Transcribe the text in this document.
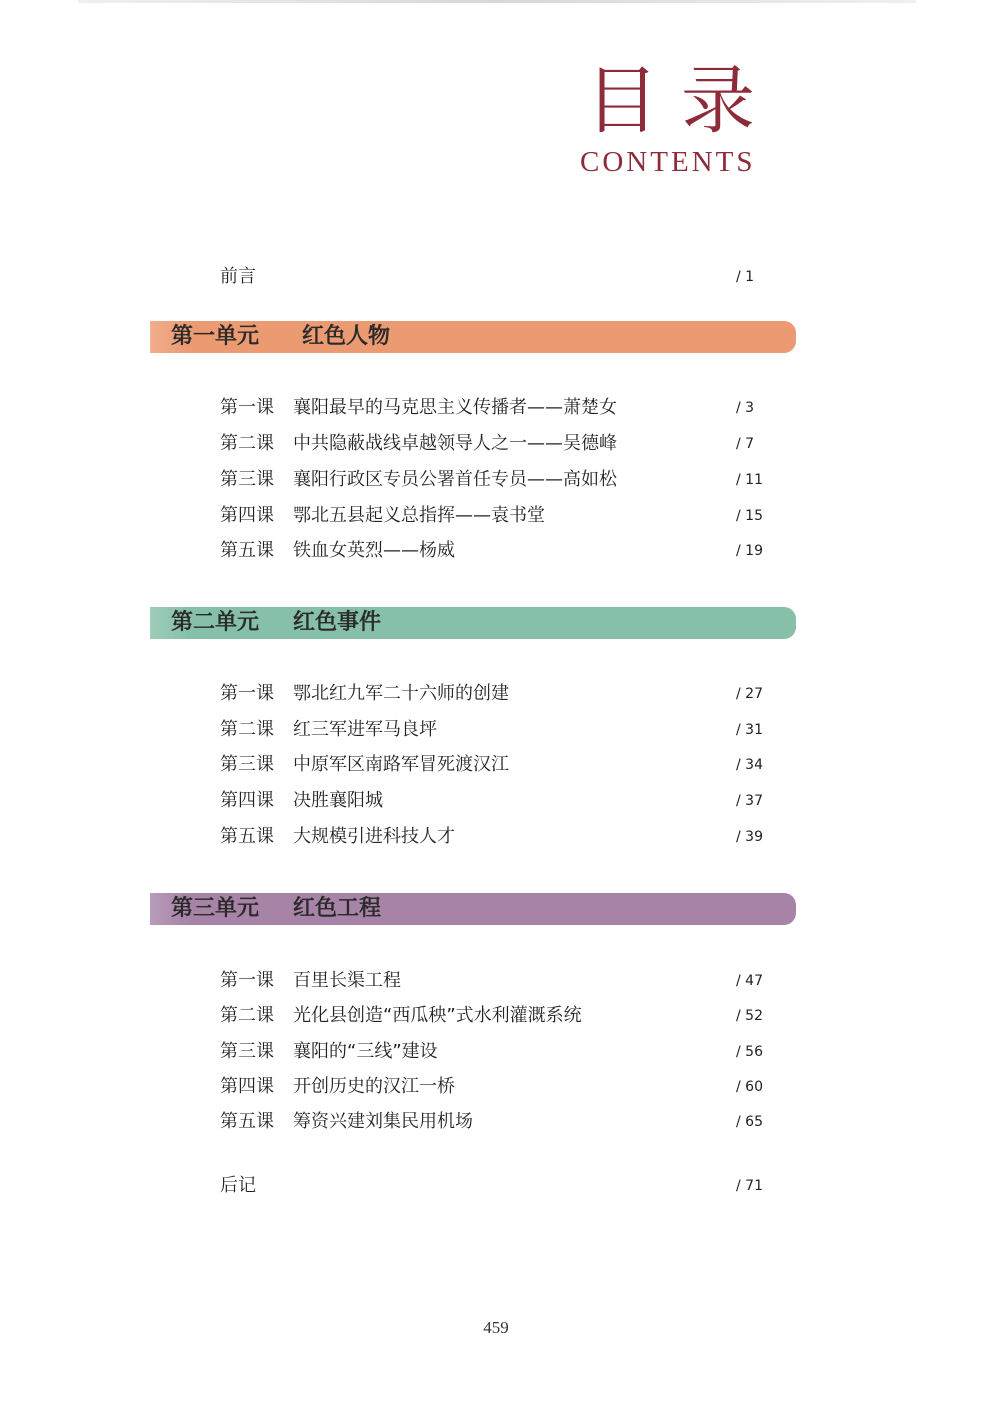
目录
CONTENTS
前言	/ 1
第一单元 红色人物
第一课 襄阳最早的马克思主义传播者——萧楚女	/ 3
第二课 中共隐蔽战线卓越领导人之一——吴德峰	/ 7
第三课 襄阳行政区专员公署首任专员——高如松	/ 11
第四课 鄂北五县起义总指挥——袁书堂	/ 15
第五课 铁血女英烈——杨威	/ 19
第二单元 红色事件
第一课 鄂北红九军二十六师的创建	/ 27
第二课 红三军进军马良坪	/ 31
第三课 中原军区南路军冒死渡汉江	/ 34
第四课 决胜襄阳城	/ 37
第五课 大规模引进科技人才	/ 39
第三单元 红色工程
第一课 百里长渠工程	/ 47
第二课 光化县创造“西瓜秧”式水利灌溉系统	/ 52
第三课 襄阳的“三线”建设	/ 56
第四课 开创历史的汉江一桥	/ 60
第五课 筹资兴建刘集民用机场	/ 65
后记	/ 71
459
